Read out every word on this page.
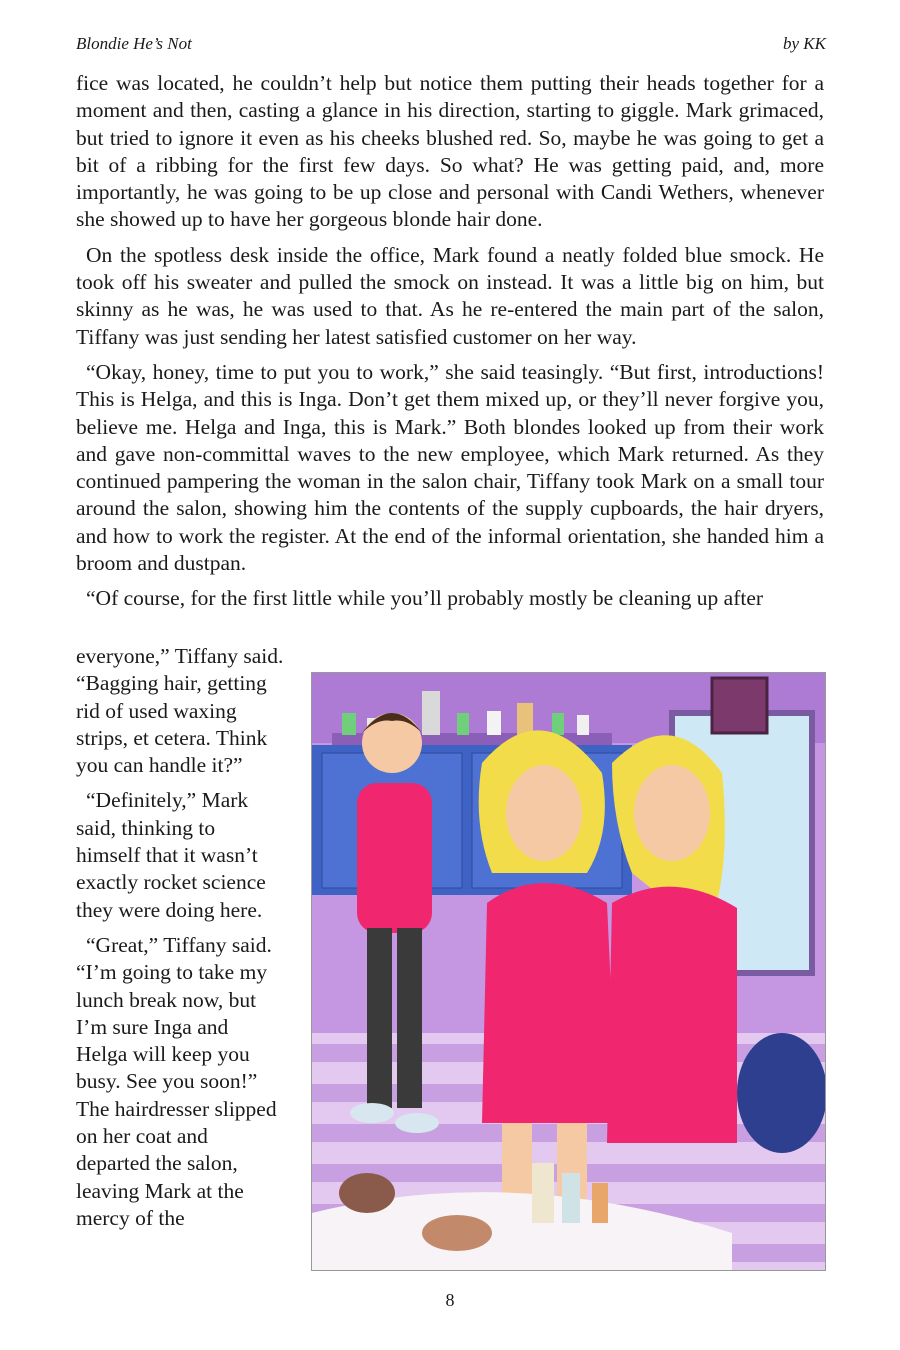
Blondie He’s Not	by KK

fice was located, he couldn’t help but notice them putting their heads together for a moment and then, casting a glance in his direction, starting to giggle. Mark grimaced, but tried to ignore it even as his cheeks blushed red. So, maybe he was going to get a bit of a ribbing for the first few days. So what? He was getting paid, and, more importantly, he was going to be up close and personal with Candi Wethers, whenever she showed up to have her gorgeous blonde hair done.

On the spotless desk inside the office, Mark found a neatly folded blue smock. He took off his sweater and pulled the smock on instead. It was a little big on him, but skinny as he was, he was used to that. As he re-entered the main part of the salon, Tiffany was just sending her latest satisfied customer on her way.

“Okay, honey, time to put you to work,” she said teasingly. “But first, introductions! This is Helga, and this is Inga. Don’t get them mixed up, or they’ll never forgive you, believe me. Helga and Inga, this is Mark.” Both blondes looked up from their work and gave non-committal waves to the new employee, which Mark returned. As they continued pampering the woman in the salon chair, Tiffany took Mark on a small tour around the salon, showing him the contents of the supply cupboards, the hair dryers, and how to work the register. At the end of the informal orientation, she handed him a broom and dustpan.

“Of course, for the first little while you’ll probably mostly be cleaning up after

everyone,” Tiffany said. “Bagging hair, getting rid of used waxing strips, et cetera. Think you can handle it?”

“Definitely,” Mark said, thinking to himself that it wasn’t exactly rocket science they were doing here.

“Great,” Tiffany said. “I’m going to take my lunch break now, but I’m sure Inga and Helga will keep you busy. See you soon!” The hairdresser slipped on her coat and departed the salon, leaving Mark at the mercy of the

8
